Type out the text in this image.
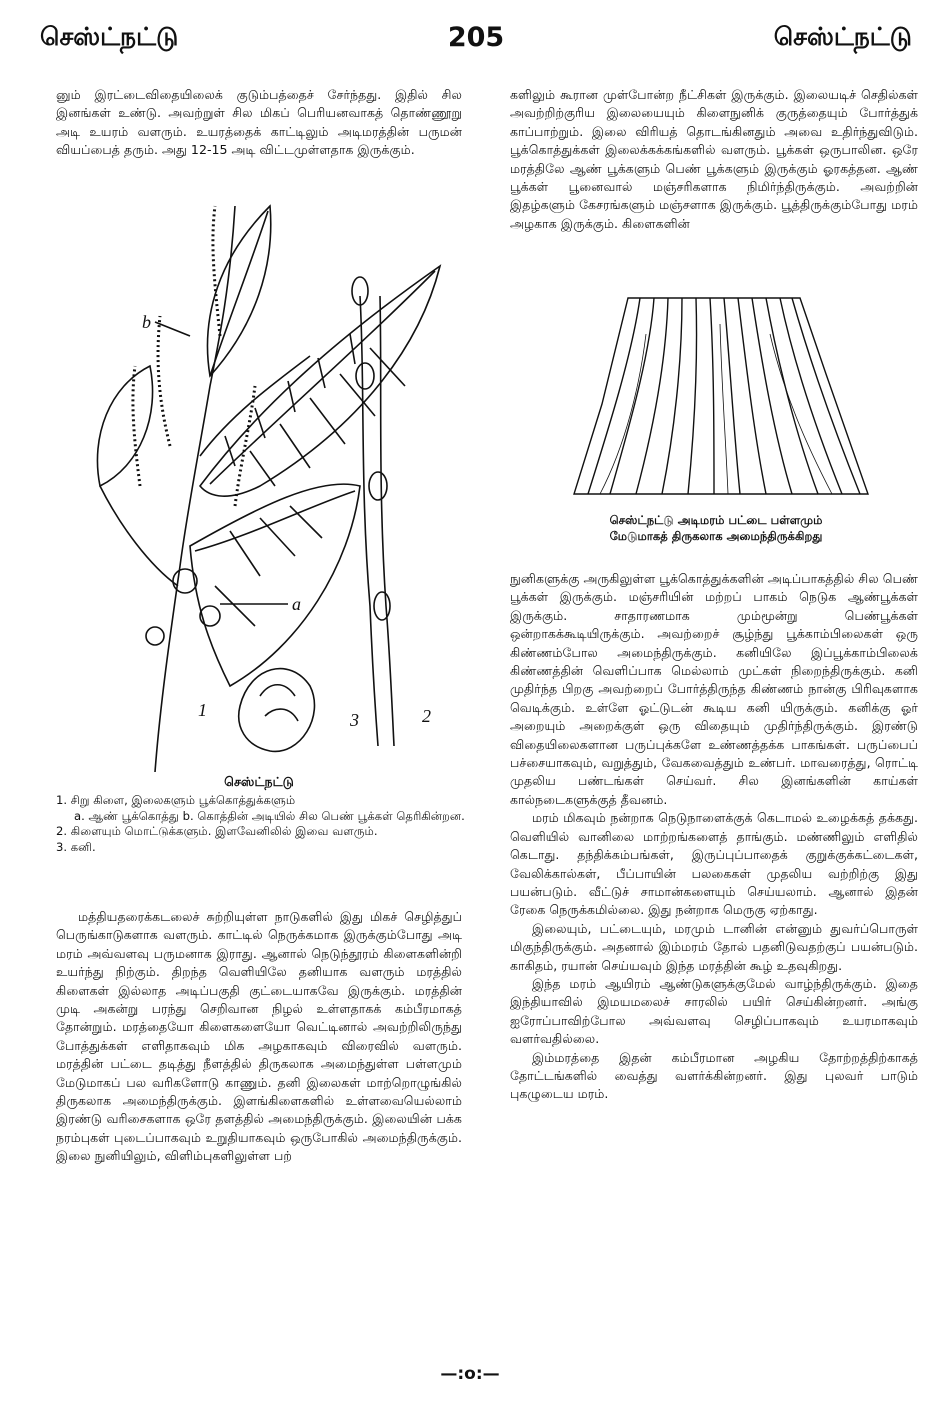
செஸ்ட்நட்டு	205	செஸ்ட்நட்டு

னும் இரட்டைவிதையிலைக் குடும்பத்தைச் சேர்ந்தது. இதில் சில இனங்கள் உண்டு. அவற்றுள் சில மிகப் பெரியனவாகத் தொண்ணூறு அடி உயரம் வளரும். உயரத்தைக் காட்டிலும் அடிமரத்தின் பருமன் வியப்பைத் தரும். அது 12-15 அடி விட்டமுள்ளதாக இருக்கும்.

a
b
1	2
3
செஸ்ட்நட்டு

1. சிறு கிளை, இலைகளும் பூக்கொத்துக்களும்

a. ஆண் பூக்கொத்து b. கொத்தின் அடியில் சில பெண் பூக்கள் தெரிகின்றன.

2. கிளையும் மொட்டுக்களும். இளவேனிலில் இவை வளரும்.

3. கனி.

மத்தியதரைக்கடலைச் சுற்றியுள்ள நாடுகளில் இது மிகச் செழித்துப் பெருங்காடுகளாக வளரும். காட்டில் நெருக்கமாக இருக்கும்போது அடி மரம் அவ்வளவு பருமனாக இராது. ஆனால் நெடுந்தூரம் கிளைகளின்றி உயர்ந்து நிற்கும். திறந்த வெளியிலே தனியாக வளரும் மரத்தில் கிளைகள் இல்லாத அடிப்பகுதி குட்டையாகவே இருக்கும். மரத்தின் முடி அகன்று பரந்து செறிவான நிழல் உள்ளதாகக் கம்பீரமாகத் தோன்றும். மரத்தையோ கிளைகளையோ வெட்டினால் அவற்றிலிருந்து போத்துக்கள் எளிதாகவும் மிக அழகாகவும் விரைவில் வளரும். மரத்தின் பட்டை தடித்து நீளத்தில் திருகலாக அமைந்துள்ள பள்ளமும் மேடுமாகப் பல வரிகளோடு காணும். தனி இலைகள் மாற்றொழுங்கில் திருகலாக அமைந்திருக்கும். இளங்கிளைகளில் உள்ளவையெல்லாம் இரண்டு வரிசைகளாக ஒரே தளத்தில் அமைந்திருக்கும். இலையின் பக்க நரம்புகள் புடைப்பாகவும் உறுதியாகவும் ஒருபோகில் அமைந்திருக்கும். இலை நுனியிலும், விளிம்புகளிலுள்ள பற்

களிலும் கூரான முள்போன்ற நீட்சிகள் இருக்கும். இலையடிச் செதில்கள் அவற்றிற்குரிய இலையையும் கிளைநுனிக் குருத்தையும் போர்த்துக் காப்பாற்றும். இலை விரியத் தொடங்கினதும் அவை உதிர்ந்துவிடும். பூக்கொத்துக்கள் இலைக்கக்கங்களில் வளரும். பூக்கள் ஒருபாலின. ஒரே மரத்திலே ஆண் பூக்களும் பெண் பூக்களும் இருக்கும் ஓரகத்தன. ஆண் பூக்கள் பூனைவால் மஞ்சரிகளாக நிமிர்ந்திருக்கும். அவற்றின் இதழ்களும் கேசரங்களும் மஞ்சளாக இருக்கும். பூத்திருக்கும்போது மரம் அழகாக இருக்கும். கிளைகளின்

செஸ்ட்நட்டு அடிமரம் பட்டை பள்ளமும்
மேடுமாகத் திருகலாக அமைந்திருக்கிறது

நுனிகளுக்கு அருகிலுள்ள பூக்கொத்துக்களின் அடிப்பாகத்தில் சில பெண் பூக்கள் இருக்கும். மஞ்சரியின் மற்றப் பாகம் நெடுக ஆண்பூக்கள் இருக்கும். சாதாரணமாக மும்மூன்று பெண்பூக்கள் ஒன்றாகக்கூடியிருக்கும். அவற்றைச் சூழ்ந்து பூக்காம்பிலைகள் ஒரு கிண்ணம்போல அமைந்திருக்கும். கனியிலே இப்பூக்காம்பிலைக் கிண்ணத்தின் வெளிப்பாக மெல்லாம் முட்கள் நிறைந்திருக்கும். கனி முதிர்ந்த பிறகு அவற்றைப் போர்த்திருந்த கிண்ணம் நான்கு பிரிவுகளாக வெடிக்கும். உள்ளே ஓட்டுடன் கூடிய கனி யிருக்கும். கனிக்கு ஓர் அறையும் அறைக்குள் ஒரு விதையும் முதிர்ந்திருக்கும். இரண்டு விதையிலைகளான பருப்புக்களே உண்ணத்தக்க பாகங்கள். பருப்பைப் பச்சையாகவும், வறுத்தும், வேகவைத்தும் உண்பர். மாவரைத்து, ரொட்டி முதலிய பண்டங்கள் செய்வர். சில இனங்களின் காய்கள் கால்நடைகளுக்குத் தீவனம்.

மரம் மிகவும் நன்றாக நெடுநாளைக்குக் கெடாமல் உழைக்கத் தக்கது. வெளியில் வானிலை மாற்றங்களைத் தாங்கும். மண்ணிலும் எளிதில் கெடாது. தந்திக்கம்பங்கள், இருப்புப்பாதைக் குறுக்குக்கட்டைகள், வேலிக்கால்கள், பீப்பாயின் பலகைகள் முதலிய வற்றிற்கு இது பயன்படும். வீட்டுச் சாமான்களையும் செய்யலாம். ஆனால் இதன் ரேகை நெருக்கமில்லை. இது நன்றாக மெருகு ஏற்காது.

இலையும், பட்டையும், மரமும் டானின் என்னும் துவர்ப்பொருள் மிகுந்திருக்கும். அதனால் இம்மரம் தோல் பதனிடுவதற்குப் பயன்படும். காகிதம், ரயான் செய்யவும் இந்த மரத்தின் கூழ் உதவுகிறது.

இந்த மரம் ஆயிரம் ஆண்டுகளுக்குமேல் வாழ்ந்திருக்கும். இதை இந்தியாவில் இமயமலைச் சாரலில் பயிர் செய்கின்றனர். அங்கு ஐரோப்பாவிற்போல அவ்வளவு செழிப்பாகவும் உயரமாகவும் வளர்வதில்லை.

இம்மரத்தை இதன் கம்பீரமான அழகிய தோற்றத்திற்காகத் தோட்டங்களில் வைத்து வளர்க்கின்றனர். இது புலவர் பாடும் புகழுடைய மரம்.

—:o:—
